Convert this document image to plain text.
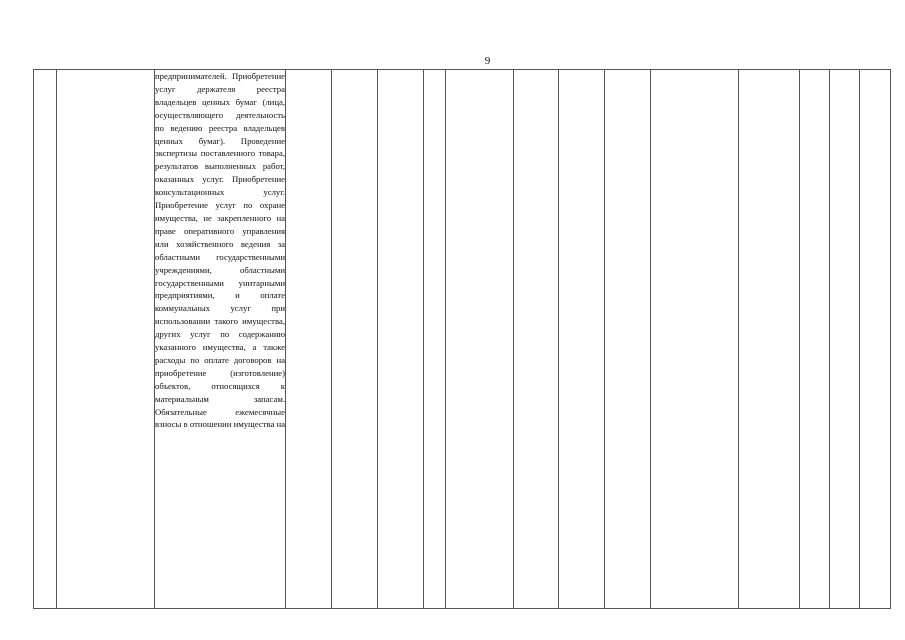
9

предпринимателей. Приобретение услуг держателя реестра владельцев ценных бумаг (лица, осуществляющего деятельность по ведению реестра владельцев ценных бумаг). Проведение экспертизы поставленного товара, результатов выполненных работ, оказанных услуг. Приобретение консультационных услуг. Приобретение услуг по охране имущества, не закрепленного на праве оперативного управления или хозяйственного ведения за областными государственными учреждениями, областными государственными унитарными предприятиями, и оплате коммунальных услуг при использовании такого имущества, других услуг по содержанию указанного имущества, а также расходы по оплате договоров на приобретение (изготовление) объектов, относящихся к материальным запасам. Обязательные ежемесячные взносы в отношении имущества на
